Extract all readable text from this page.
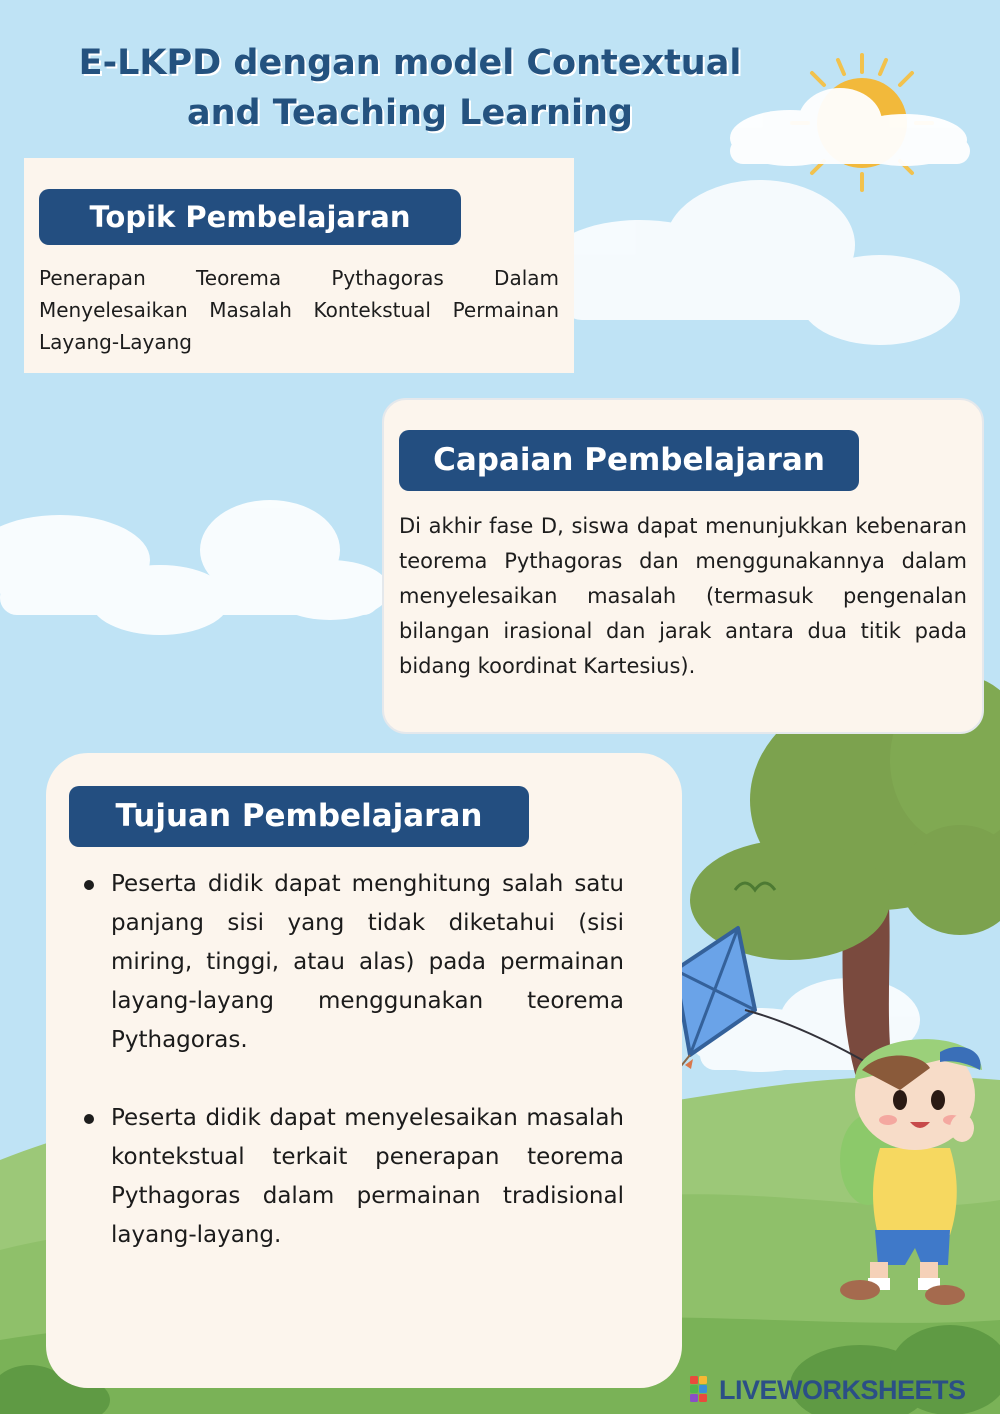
E-LKPD dengan model Contextual
and Teaching Learning
Topik Pembelajaran

Penerapan Teorema Pythagoras Dalam Menyelesaikan Masalah Kontekstual Permainan Layang-Layang

Capaian Pembelajaran

Di akhir fase D, siswa dapat menunjukkan kebenaran teorema Pythagoras dan menggunakannya dalam menyelesaikan masalah (termasuk pengenalan bilangan irasional dan jarak antara dua titik pada bidang koordinat Kartesius).

Tujuan Pembelajaran
Peserta didik dapat menghitung salah satu panjang sisi yang tidak diketahui (sisi miring, tinggi, atau alas) pada permainan layang-layang menggunakan teorema Pythagoras.
Peserta didik dapat menyelesaikan masalah kontekstual terkait penerapan teorema Pythagoras dalam permainan tradisional layang-layang.
LIVEWORKSHEETS
